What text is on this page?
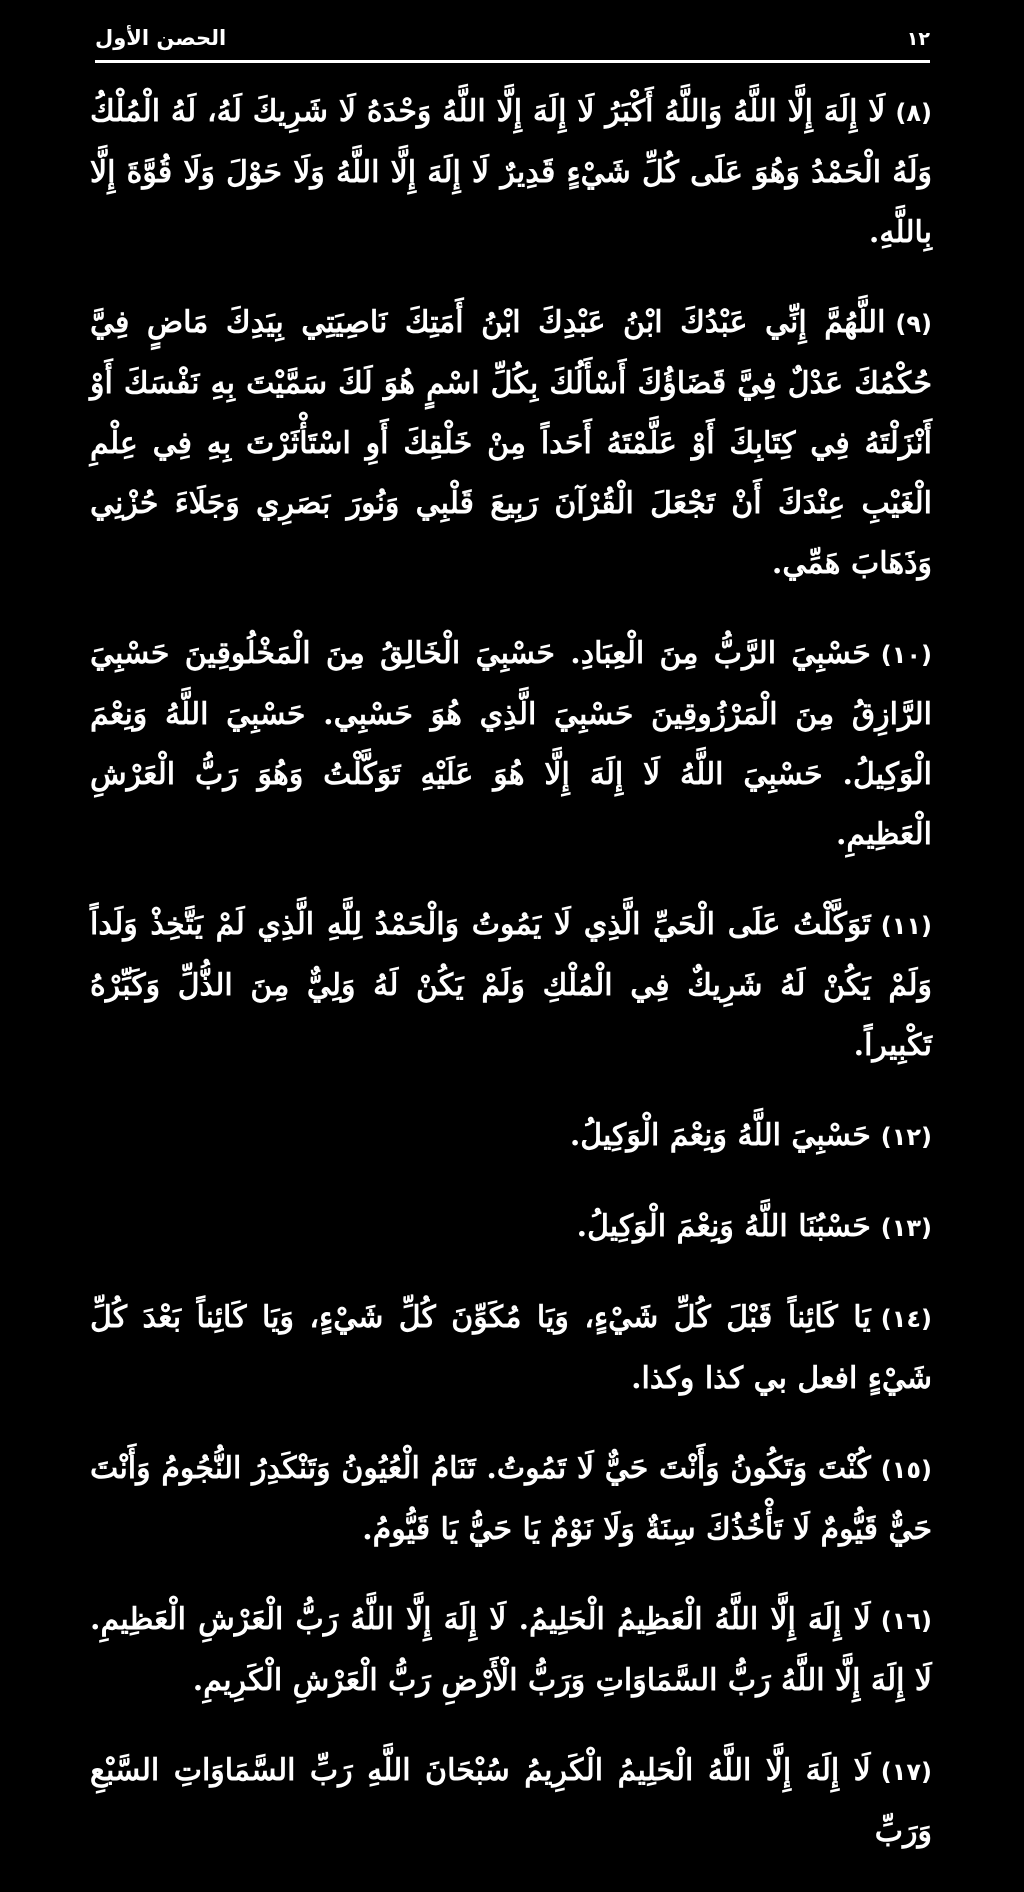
١٢
الحصن الأول

(٨)لَا إِلَهَ إِلَّا اللَّهُ وَاللَّهُ أَكْبَرُ لَا إِلَهَ إِلَّا اللَّهُ وَحْدَهُ لَا شَرِيكَ لَهُ، لَهُ الْمُلْكُ وَلَهُ الْحَمْدُ وَهُوَ عَلَى كُلِّ شَيْءٍ قَدِيرٌ لَا إِلَهَ إِلَّا اللَّهُ وَلَا حَوْلَ وَلَا قُوَّةَ إِلَّا بِاللَّهِ.

(٩)اللَّهُمَّ إِنِّي عَبْدُكَ ابْنُ عَبْدِكَ ابْنُ أَمَتِكَ نَاصِيَتِي بِيَدِكَ مَاضٍ فِيَّ حُكْمُكَ عَدْلٌ فِيَّ قَضَاؤُكَ أَسْأَلُكَ بِكُلِّ اسْمٍ هُوَ لَكَ سَمَّيْتَ بِهِ نَفْسَكَ أَوْ أَنْزَلْتَهُ فِي كِتَابِكَ أَوْ عَلَّمْتَهُ أَحَداً مِنْ خَلْقِكَ أَوِ اسْتَأْثَرْتَ بِهِ فِي عِلْمِ الْغَيْبِ عِنْدَكَ أَنْ تَجْعَلَ الْقُرْآنَ رَبِيعَ قَلْبِي وَنُورَ بَصَرِي وَجَلَاءَ حُزْنِي وَذَهَابَ هَمِّي.

(١٠)حَسْبِيَ الرَّبُّ مِنَ الْعِبَادِ. حَسْبِيَ الْخَالِقُ مِنَ الْمَخْلُوقِينَ حَسْبِيَ الرَّازِقُ مِنَ الْمَرْزُوقِينَ حَسْبِيَ الَّذِي هُوَ حَسْبِي. حَسْبِيَ اللَّهُ وَنِعْمَ الْوَكِيلُ. حَسْبِيَ اللَّهُ لَا إِلَهَ إِلَّا هُوَ عَلَيْهِ تَوَكَّلْتُ وَهُوَ رَبُّ الْعَرْشِ الْعَظِيمِ.

(١١)تَوَكَّلْتُ عَلَى الْحَيِّ الَّذِي لَا يَمُوتُ وَالْحَمْدُ لِلَّهِ الَّذِي لَمْ يَتَّخِذْ وَلَداً وَلَمْ يَكُنْ لَهُ شَرِيكٌ فِي الْمُلْكِ وَلَمْ يَكُنْ لَهُ وَلِيٌّ مِنَ الذُّلِّ وَكَبِّرْهُ تَكْبِيراً.

(١٢)حَسْبِيَ اللَّهُ وَنِعْمَ الْوَكِيلُ.

(١٣)حَسْبُنَا اللَّهُ وَنِعْمَ الْوَكِيلُ.

(١٤)يَا كَائِناً قَبْلَ كُلِّ شَيْءٍ، وَيَا مُكَوِّنَ كُلِّ شَيْءٍ، وَيَا كَائِناً بَعْدَ كُلِّ شَيْءٍ افعل بي كذا وكذا.

(١٥)كُنْتَ وَتَكُونُ وَأَنْتَ حَيٌّ لَا تَمُوتُ. تَنَامُ الْعُيُونُ وَتَنْكَدِرُ النُّجُومُ وَأَنْتَ حَيٌّ قَيُّومٌ لَا تَأْخُذُكَ سِنَةٌ وَلَا نَوْمٌ يَا حَيُّ يَا قَيُّومُ.

(١٦)لَا إِلَهَ إِلَّا اللَّهُ الْعَظِيمُ الْحَلِيمُ. لَا إِلَهَ إِلَّا اللَّهُ رَبُّ الْعَرْشِ الْعَظِيمِ. لَا إِلَهَ إِلَّا اللَّهُ رَبُّ السَّمَاوَاتِ وَرَبُّ الْأَرْضِ رَبُّ الْعَرْشِ الْكَرِيمِ.

(١٧)لَا إِلَهَ إِلَّا اللَّهُ الْحَلِيمُ الْكَرِيمُ سُبْحَانَ اللَّهِ رَبِّ السَّمَاوَاتِ السَّبْعِ وَرَبِّ
